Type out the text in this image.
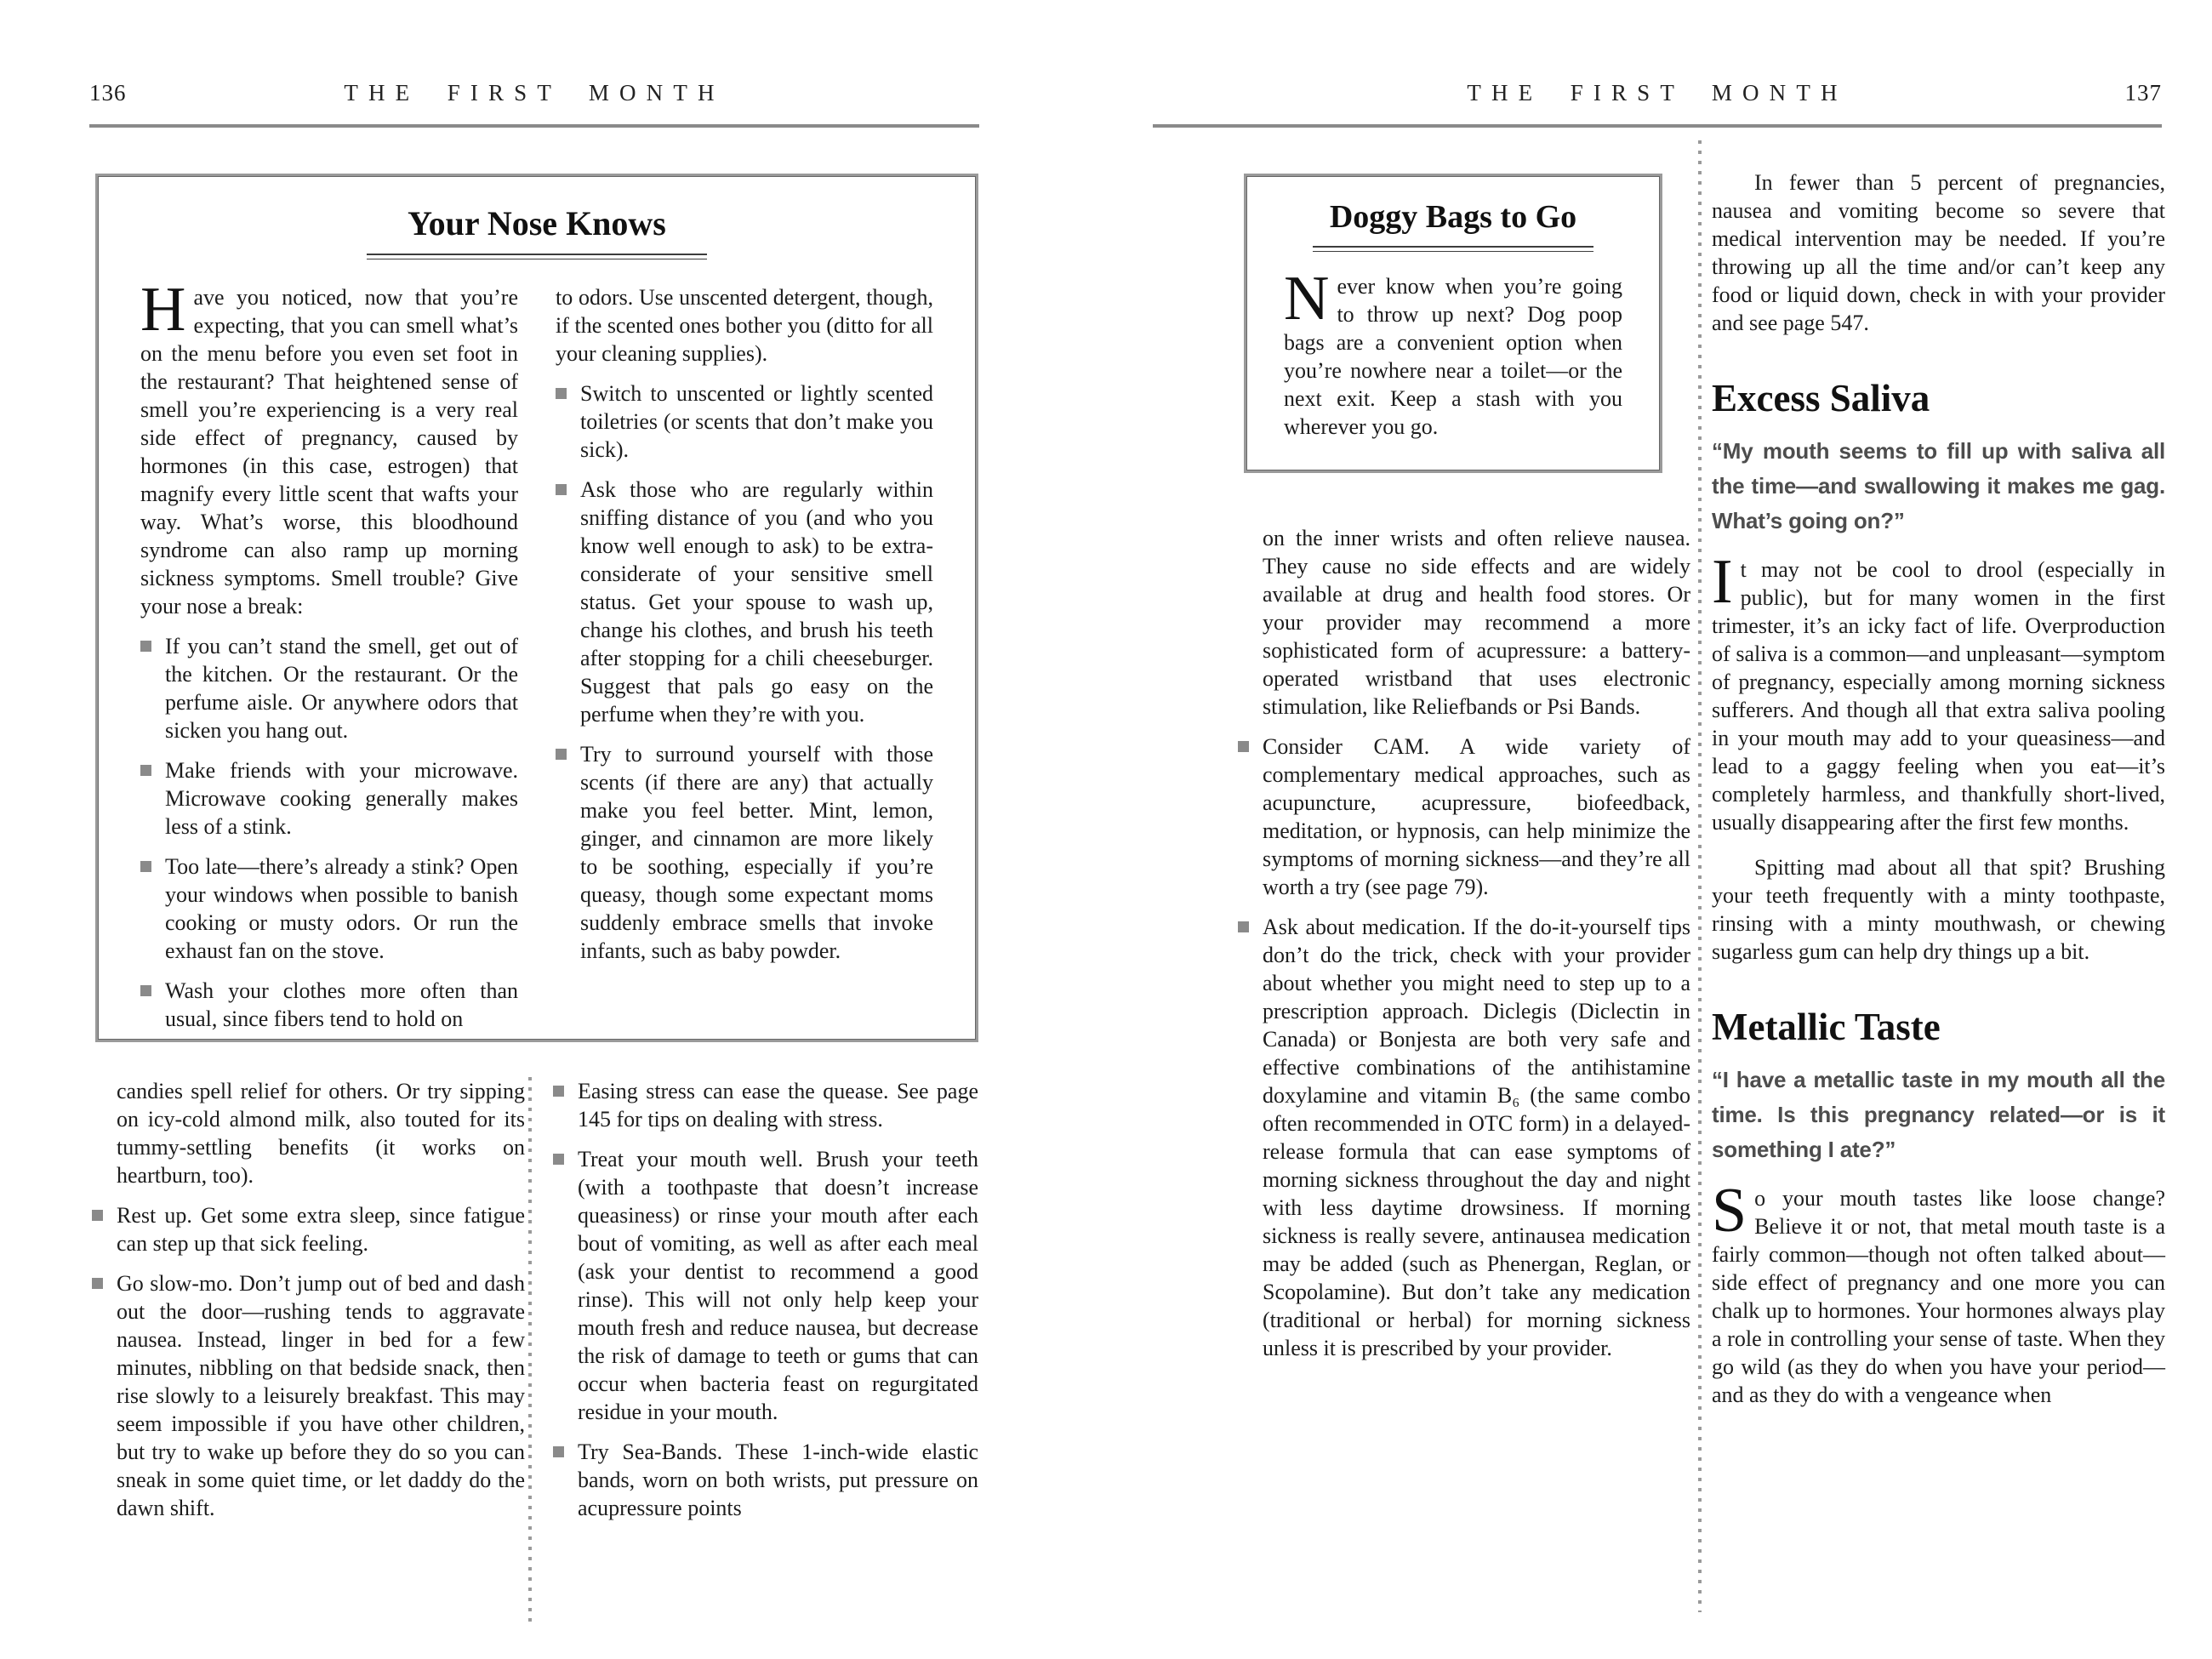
136	THE FIRST MONTH	THE FIRST MONTH	137
Your Nose Knows

Have you noticed, now that you’re expecting, that you can smell what’s on the menu before you even set foot in the restaurant? That heightened sense of smell you’re experiencing is a very real side effect of pregnancy, caused by hormones (in this case, estrogen) that magnify every little scent that wafts your way. What’s worse, this bloodhound syndrome can also ramp up morning sickness symptoms. Smell trouble? Give your nose a break:

If you can’t stand the smell, get out of the kitchen. Or the restaurant. Or the perfume aisle. Or anywhere odors that sicken you hang out.
Make friends with your microwave. Microwave cooking generally makes less of a stink.
Too late—there’s already a stink? Open your windows when possible to banish cooking or musty odors. Or run the exhaust fan on the stove.
Wash your clothes more often than usual, since fibers tend to hold on

to odors. Use unscented detergent, though, if the scented ones bother you (ditto for all your cleaning supplies).

Switch to unscented or lightly scented toiletries (or scents that don’t make you sick).
Ask those who are regularly within sniffing distance of you (and who you know well enough to ask) to be extra-considerate of your sensitive smell status. Get your spouse to wash up, change his clothes, and brush his teeth after stopping for a chili cheeseburger. Suggest that pals go easy on the perfume when they’re with you.
Try to surround yourself with those scents (if there are any) that actually make you feel better. Mint, lemon, ginger, and cinnamon are more likely to be soothing, especially if you’re queasy, though some expectant moms suddenly embrace smells that invoke infants, such as baby powder.

candies spell relief for others. Or try sipping on icy-cold almond milk, also touted for its tummy-settling benefits (it works on heartburn, too).

Rest up. Get some extra sleep, since fatigue can step up that sick feeling.
Go slow-mo. Don’t jump out of bed and dash out the door—rushing tends to aggravate nausea. Instead, linger in bed for a few minutes, nibbling on that bedside snack, then rise slowly to a leisurely breakfast. This may seem impossible if you have other children, but try to wake up before they do so you can sneak in some quiet time, or let daddy do the dawn shift.
Easing stress can ease the quease. See page 145 for tips on dealing with stress.
Treat your mouth well. Brush your teeth (with a toothpaste that doesn’t increase queasiness) or rinse your mouth after each bout of vomiting, as well as after each meal (ask your dentist to recommend a good rinse). This will not only help keep your mouth fresh and reduce nausea, but decrease the risk of damage to teeth or gums that can occur when bacteria feast on regurgitated residue in your mouth.
Try Sea-Bands. These 1-inch-wide elastic bands, worn on both wrists, put pressure on acupressure points
Doggy Bags to Go

Never know when you’re going to throw up next? Dog poop bags are a convenient option when you’re nowhere near a toilet—or the next exit. Keep a stash with you wherever you go.

on the inner wrists and often relieve nausea. They cause no side effects and are widely available at drug and health food stores. Or your provider may recommend a more sophisticated form of acupressure: a battery-operated wristband that uses electronic stimulation, like Reliefbands or Psi Bands.

Consider CAM. A wide variety of complementary medical approaches, such as acupuncture, acupressure, biofeedback, meditation, or hypnosis, can help minimize the symptoms of morning sickness—and they’re all worth a try (see page 79).
Ask about medication. If the do-it-yourself tips don’t do the trick, check with your provider about whether you might need to step up to a prescription approach. Diclegis (Diclectin in Canada) or Bonjesta are both very safe and effective combinations of the antihistamine doxylamine and vitamin B₆ (the same combo often recommended in OTC form) in a delayed-release formula that can ease symptoms of morning sickness throughout the day and night with less daytime drowsiness. If morning sickness is really severe, antinausea medication may be added (such as Phenergan, Reglan, or Scopolamine). But don’t take any medication (traditional or herbal) for morning sickness unless it is prescribed by your provider.

In fewer than 5 percent of pregnancies, nausea and vomiting become so severe that medical intervention may be needed. If you’re throwing up all the time and/or can’t keep any food or liquid down, check in with your provider and see page 547.

Excess Saliva

“My mouth seems to fill up with saliva all the time—and swallowing it makes me gag. What’s going on?”

It may not be cool to drool (especially in public), but for many women in the first trimester, it’s an icky fact of life. Overproduction of saliva is a common—and unpleasant—symptom of pregnancy, especially among morning sickness sufferers. And though all that extra saliva pooling in your mouth may add to your queasiness—and lead to a gaggy feeling when you eat—it’s completely harmless, and thankfully short-lived, usually disappearing after the first few months.

Spitting mad about all that spit? Brushing your teeth frequently with a minty toothpaste, rinsing with a minty mouthwash, or chewing sugarless gum can help dry things up a bit.

Metallic Taste

“I have a metallic taste in my mouth all the time. Is this pregnancy related—or is it something I ate?”

So your mouth tastes like loose change? Believe it or not, that metal mouth taste is a fairly common—though not often talked about—side effect of pregnancy and one more you can chalk up to hormones. Your hormones always play a role in controlling your sense of taste. When they go wild (as they do when you have your period—and as they do with a vengeance when
